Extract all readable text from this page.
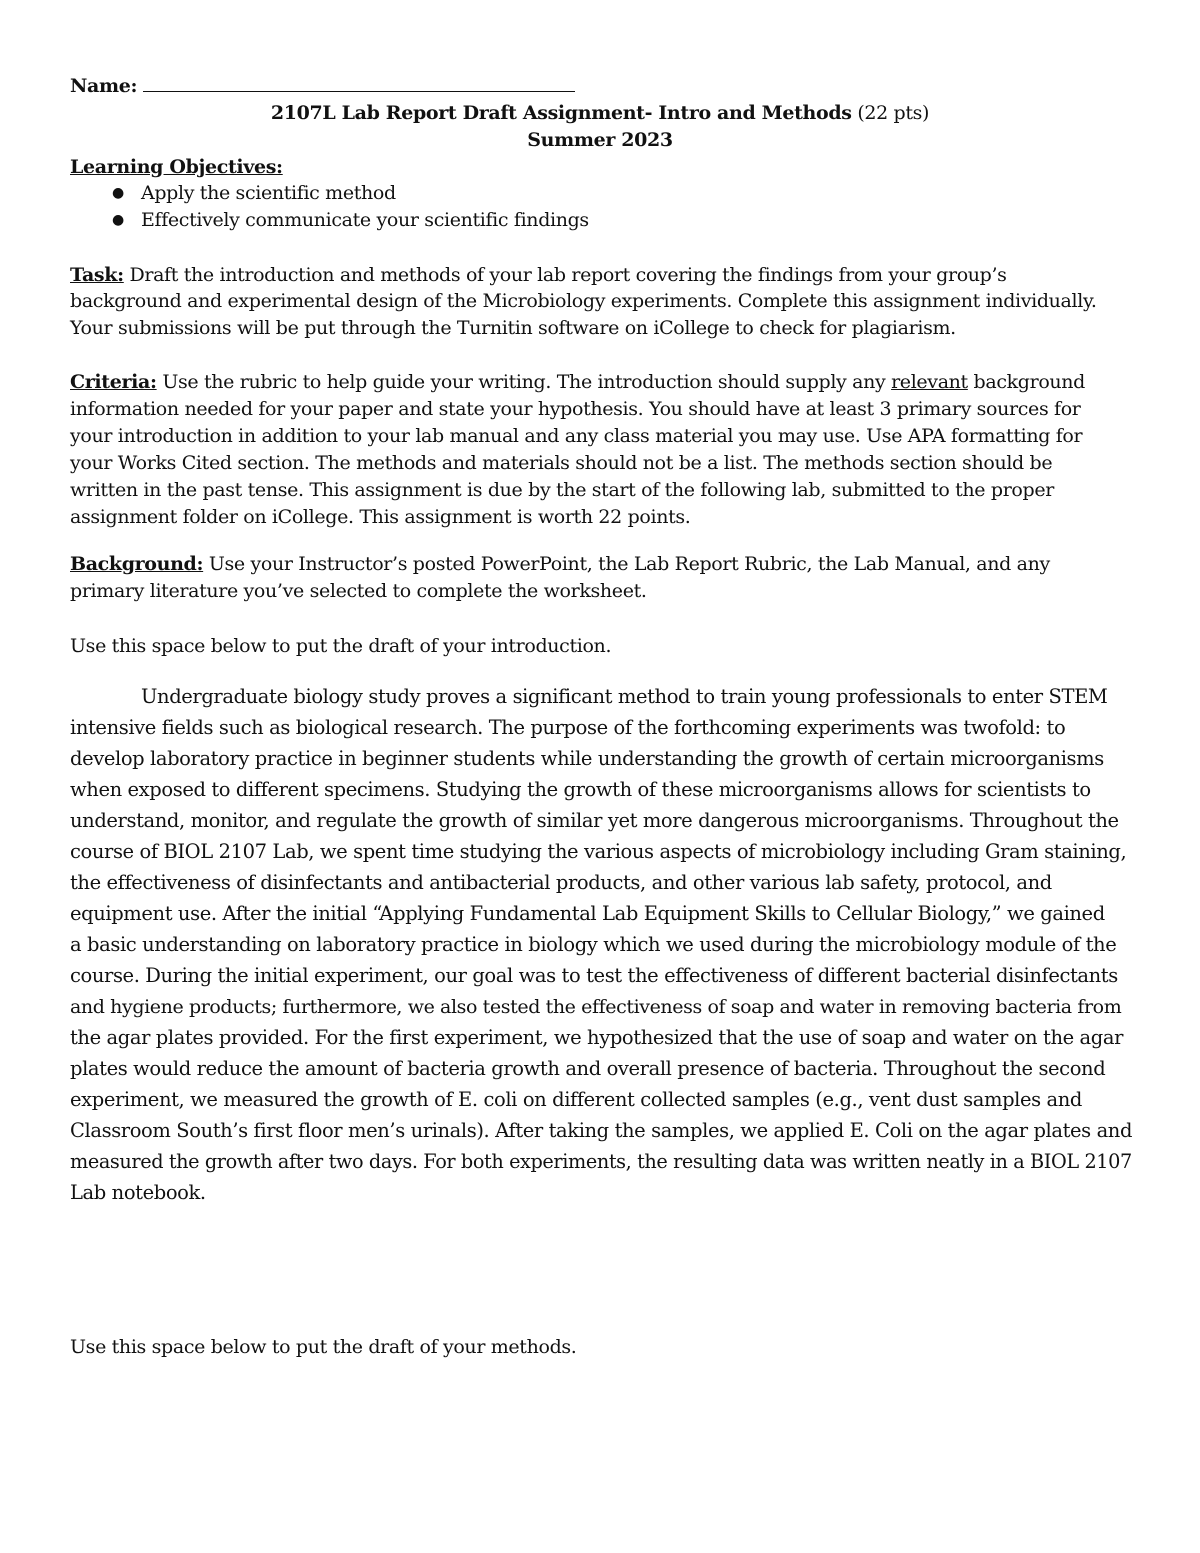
Name:
2107L Lab Report Draft Assignment- Intro and Methods (22 pts)
Summer 2023
Learning Objectives:
● Apply the scientific method
● Effectively communicate your scientific findings
Task: Draft the introduction and methods of your lab report covering the findings from your group’s
background and experimental design of the Microbiology experiments. Complete this assignment individually.
Your submissions will be put through the Turnitin software on iCollege to check for plagiarism.
Criteria: Use the rubric to help guide your writing. The introduction should supply any relevant background
information needed for your paper and state your hypothesis. You should have at least 3 primary sources for
your introduction in addition to your lab manual and any class material you may use. Use APA formatting for
your Works Cited section. The methods and materials should not be a list. The methods section should be
written in the past tense. This assignment is due by the start of the following lab, submitted to the proper
assignment folder on iCollege. This assignment is worth 22 points.
Background: Use your Instructor’s posted PowerPoint, the Lab Report Rubric, the Lab Manual, and any
primary literature you’ve selected to complete the worksheet.
Use this space below to put the draft of your introduction.
Undergraduate biology study proves a significant method to train young professionals to enter STEM
intensive fields such as biological research. The purpose of the forthcoming experiments was twofold: to
develop laboratory practice in beginner students while understanding the growth of certain microorganisms
when exposed to different specimens. Studying the growth of these microorganisms allows for scientists to
understand, monitor, and regulate the growth of similar yet more dangerous microorganisms. Throughout the
course of BIOL 2107 Lab, we spent time studying the various aspects of microbiology including Gram staining,
the effectiveness of disinfectants and antibacterial products, and other various lab safety, protocol, and
equipment use. After the initial “Applying Fundamental Lab Equipment Skills to Cellular Biology,” we gained
a basic understanding on laboratory practice in biology which we used during the microbiology module of the
course. During the initial experiment, our goal was to test the effectiveness of different bacterial disinfectants
and hygiene products; furthermore, we also tested the effectiveness of soap and water in removing bacteria from
the agar plates provided. For the first experiment, we hypothesized that the use of soap and water on the agar
plates would reduce the amount of bacteria growth and overall presence of bacteria. Throughout the second
experiment, we measured the growth of E. coli on different collected samples (e.g., vent dust samples and
Classroom South’s first floor men’s urinals). After taking the samples, we applied E. Coli on the agar plates and
measured the growth after two days. For both experiments, the resulting data was written neatly in a BIOL 2107
Lab notebook.
Use this space below to put the draft of your methods.
